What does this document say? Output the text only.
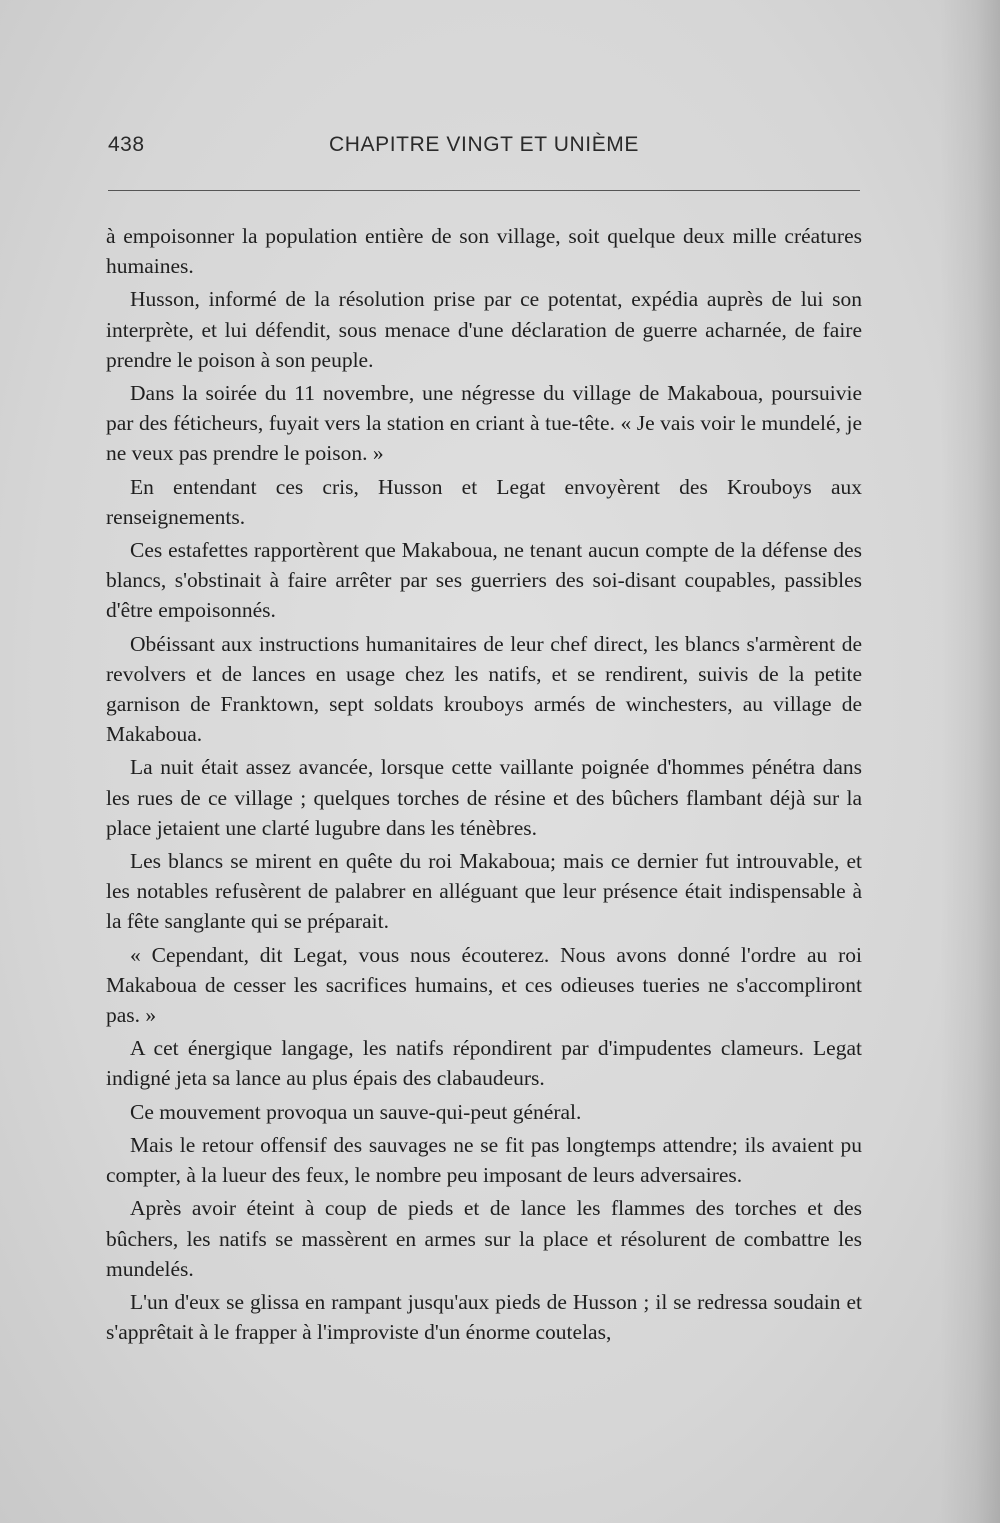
438	CHAPITRE VINGT ET UNIÈME

à empoisonner la population entière de son village, soit quelque deux mille créatures humaines.

Husson, informé de la résolution prise par ce potentat, expédia auprès de lui son interprète, et lui défendit, sous menace d'une déclaration de guerre acharnée, de faire prendre le poison à son peuple.

Dans la soirée du 11 novembre, une négresse du village de Makaboua, poursuivie par des féticheurs, fuyait vers la station en criant à tue-tête. « Je vais voir le mundelé, je ne veux pas prendre le poison. »

En entendant ces cris, Husson et Legat envoyèrent des Krouboys aux renseignements.

Ces estafettes rapportèrent que Makaboua, ne tenant aucun compte de la défense des blancs, s'obstinait à faire arrêter par ses guerriers des soi-disant coupables, passibles d'être empoisonnés.

Obéissant aux instructions humanitaires de leur chef direct, les blancs s'armèrent de revolvers et de lances en usage chez les natifs, et se rendirent, suivis de la petite garnison de Franktown, sept soldats krouboys armés de winchesters, au village de Makaboua.

La nuit était assez avancée, lorsque cette vaillante poignée d'hommes pénétra dans les rues de ce village ; quelques torches de résine et des bûchers flambant déjà sur la place jetaient une clarté lugubre dans les ténèbres.

Les blancs se mirent en quête du roi Makaboua; mais ce dernier fut introuvable, et les notables refusèrent de palabrer en alléguant que leur présence était indispensable à la fête sanglante qui se préparait.

« Cependant, dit Legat, vous nous écouterez. Nous avons donné l'ordre au roi Makaboua de cesser les sacrifices humains, et ces odieuses tueries ne s'accompliront pas. »

A cet énergique langage, les natifs répondirent par d'impudentes clameurs. Legat indigné jeta sa lance au plus épais des clabaudeurs.

Ce mouvement provoqua un sauve-qui-peut général.

Mais le retour offensif des sauvages ne se fit pas longtemps attendre; ils avaient pu compter, à la lueur des feux, le nombre peu imposant de leurs adversaires.

Après avoir éteint à coup de pieds et de lance les flammes des torches et des bûchers, les natifs se massèrent en armes sur la place et résolurent de combattre les mundelés.

L'un d'eux se glissa en rampant jusqu'aux pieds de Husson ; il se redressa soudain et s'apprêtait à le frapper à l'improviste d'un énorme coutelas,
